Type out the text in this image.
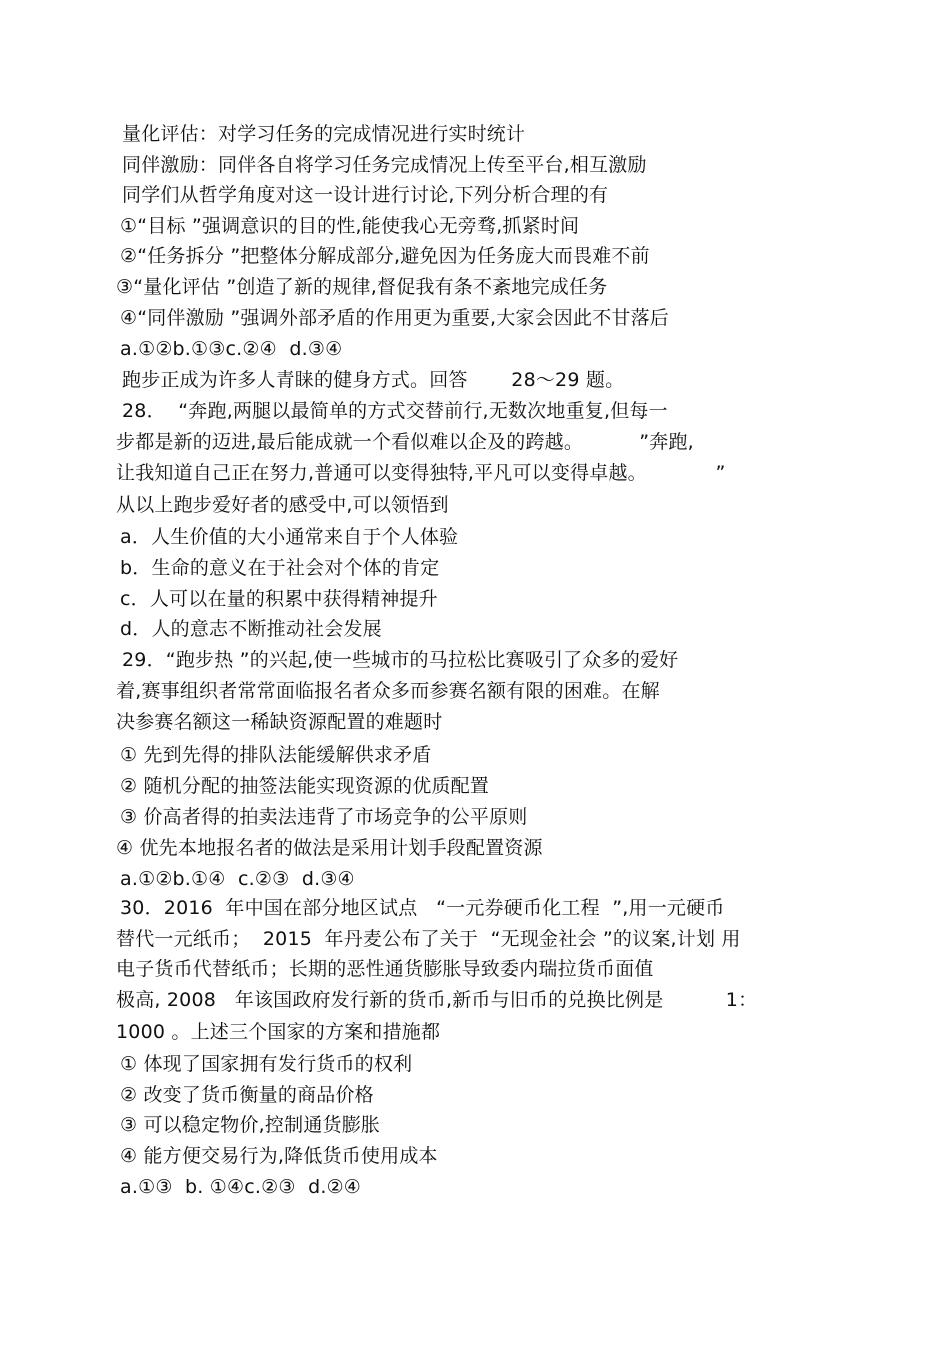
量化评估：对学习任务的完成情况进行实时统计
同伴激励：同伴各自将学习任务完成情况上传至平台,相互激励
同学们从哲学角度对这一设计进行讨论,下列分析合理的有
①“目标 ”强调意识的目的性,能使我心无旁骛,抓紧时间
②“任务拆分 ”把整体分解成部分,避免因为任务庞大而畏难不前
③“量化评估 ”创造了新的规律,督促我有条不紊地完成任务
④“同伴激励 ”强调外部矛盾的作用更为重要,大家会因此不甘落后
a.①②b.①③c.②④  d.③④
跑步正成为许多人青睐的健身方式。回答       28～29 题。
28．  “奔跑,两腿以最简单的方式交替前行,无数次地重复,但每一
步都是新的迈进,最后能成就一个看似难以企及的跨越。         ”奔跑,
让我知道自己正在努力,普通可以变得独特,平凡可以变得卓越。           ”
从以上跑步爱好者的感受中,可以领悟到
a．人生价值的大小通常来自于个人体验
b．生命的意义在于社会对个体的肯定
c．人可以在量的积累中获得精神提升
d．人的意志不断推动社会发展
29．“跑步热 ”的兴起,使一些城市的马拉松比赛吸引了众多的爱好
着,赛事组织者常常面临报名者众多而参赛名额有限的困难。在解
决参赛名额这一稀缺资源配置的难题时
① 先到先得的排队法能缓解供求矛盾
② 随机分配的抽签法能实现资源的优质配置
③ 价高者得的拍卖法违背了市场竞争的公平原则
④ 优先本地报名者的做法是采用计划手段配置资源
a.①②b.①④  c.②③  d.③④
30．2016  年中国在部分地区试点   “一元券硬币化工程  ”,用一元硬币
替代一元纸币；  2015  年丹麦公布了关于  “无现金社会 ”的议案,计划 用
电子货币代替纸币；长期的恶性通货膨胀导致委内瑞拉货币面值
极高, 2008   年该国政府发行新的货币,新币与旧币的兑换比例是          1：
1000 。上述三个国家的方案和措施都
① 体现了国家拥有发行货币的权利
② 改变了货币衡量的商品价格
③ 可以稳定物价,控制通货膨胀
④ 能方便交易行为,降低货币使用成本
a.①③  b. ①④c.②③  d.②④
